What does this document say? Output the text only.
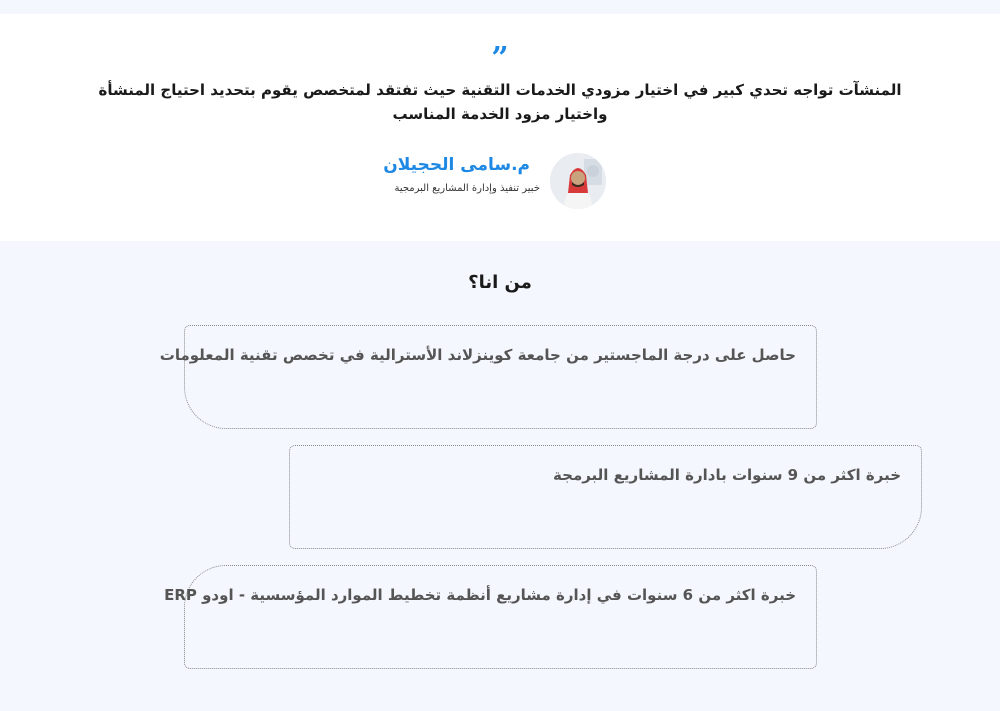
”
المنشآت تواجه تحدي كبير في اختيار مزودي الخدمات التقنية حيث تفتقد لمتخصص يقوم بتحديد احتياج المنشأة واختيار مزود الخدمة المناسب
م.سامى الحجيلان
خبير تنفيذ وإدارة المشاريع البرمجية
من انا؟
حاصل على درجة الماجستير من جامعة كوينزلاند الأسترالية في تخصص تقنية المعلومات
خبرة اكثر من 9 سنوات بادارة المشاريع البرمجة
خبرة اكثر من 6 سنوات في إدارة مشاريع أنظمة تخطيط الموارد المؤسسية - اودو ERP
